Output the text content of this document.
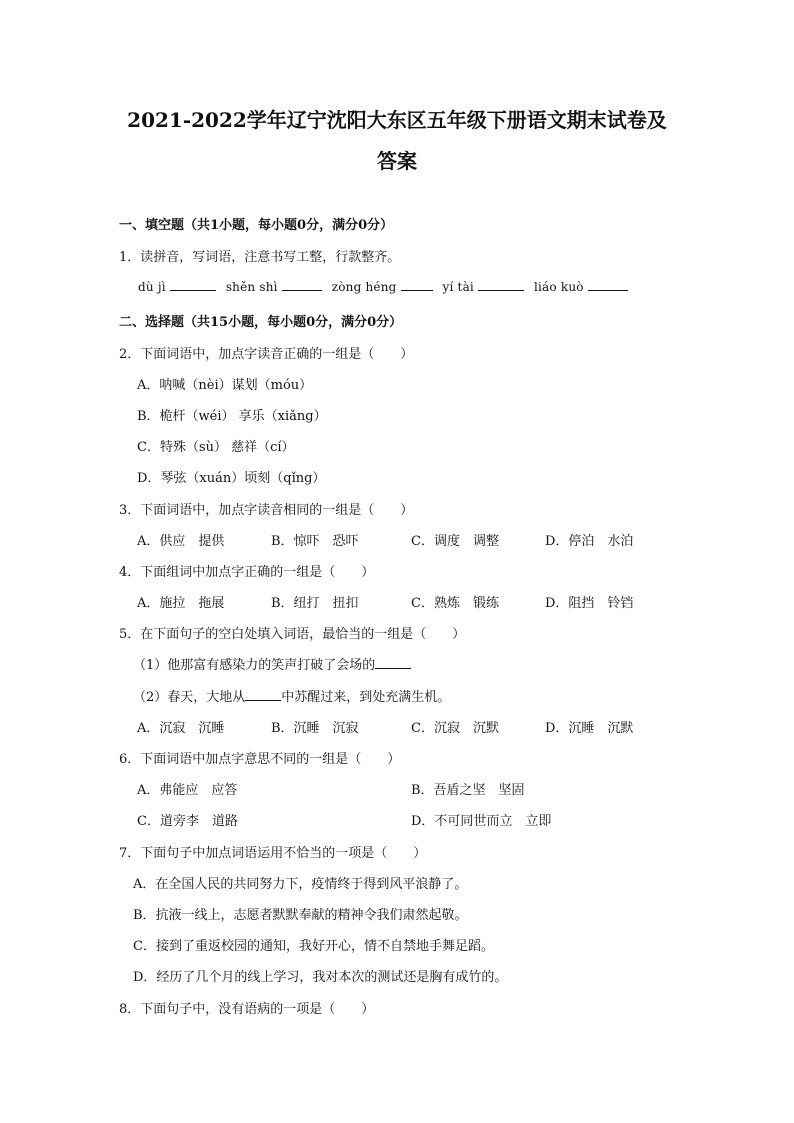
2021-2022学年辽宁沈阳大东区五年级下册语文期末试卷及
答案
一、填空题（共1小题，每小题0分，满分0分）
1．读拼音，写词语，注意书写工整，行款整齐。
dù jì	shěn shì	zòng héng	yí tài	liáo kuò
二、选择题（共15小题，每小题0分，满分0分）
2．下面词语中，加点字读音正确的一组是（　　）
A．呐喊（nèi）谋划（móu）
B．桅杆（wéi） 享乐（xiǎng）
C．特殊（sù） 慈祥（cí）
D．琴弦（xuán）顷刻（qǐng）
3．下面词语中，加点字读音相同的一组是（　　）
A．供应　提供	B．惊吓　恐吓	C．调度　调整	D．停泊　水泊
4．下面组词中加点字正确的一组是（　　）
A．施拉　拖展	B．纽打　扭扣	C．熟炼　锻练	D．阻挡　铃铛
5．在下面句子的空白处填入词语，最恰当的一组是（　　）
（1）他那富有感染力的笑声打破了会场的
（2）春天，大地从	中苏醒过来，到处充满生机。
A．沉寂　沉睡	B．沉睡　沉寂	C．沉寂　沉默	D．沉睡　沉默
6．下面词语中加点字意思不同的一组是（　　）
A．弗能应　应答	B．吾盾之坚　坚固
C．道旁李　道路	D．不可同世而立　立即
7．下面句子中加点词语运用不恰当的一项是（　　）
A．在全国人民的共同努力下，疫情终于得到风平浪静了。
B．抗液一线上，志愿者默默奉献的精神令我们肃然起敬。
C．接到了重返校园的通知，我好开心，情不自禁地手舞足蹈。
D．经历了几个月的线上学习，我对本次的测试还是胸有成竹的。
8．下面句子中，没有语病的一项是（　　）
